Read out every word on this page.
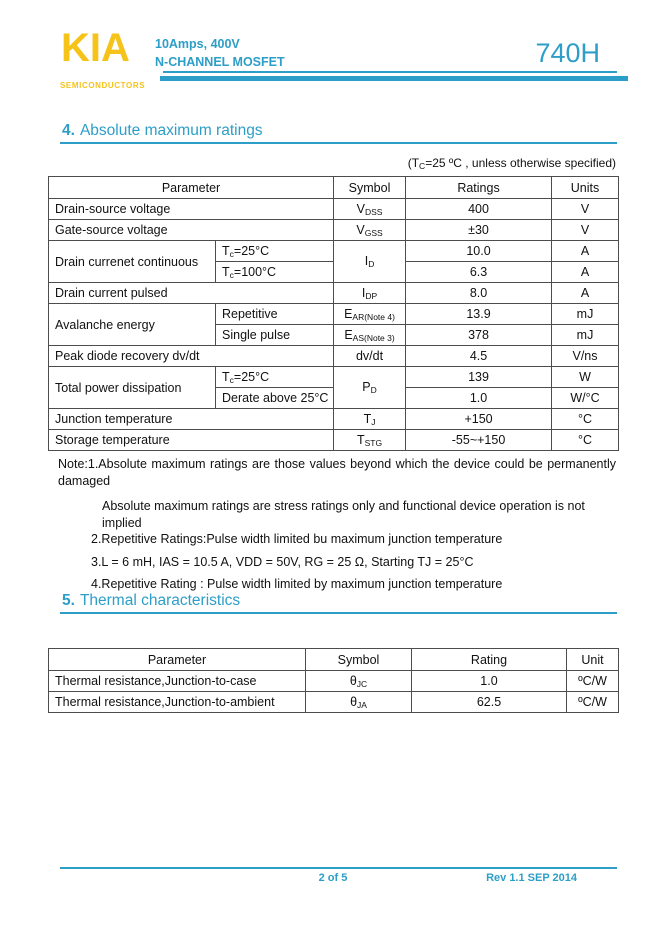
KIA
SEMICONDUCTORS
10Amps, 400V
N-CHANNEL MOSFET	740H
4. Absolute maximum ratings
(TC=25 ºC , unless otherwise specified)
Parameter		Symbol	Ratings	Units
Drain-source voltage		VDSS	400	V
Gate-source voltage		VGSS	±30	V
Drain currenet continuous	Tc=25°C	ID	10.0	A
	Tc=100°C		6.3	A
Drain current pulsed		IDP	8.0	A
Avalanche energy	Repetitive	EAR(Note 4)	13.9	mJ
	Single pulse	EAS(Note 3)	378	mJ
Peak diode recovery dv/dt		dv/dt	4.5	V/ns
Total power dissipation	Tc=25°C	PD	139	W
	Derate above 25°C		1.0	W/°C
Junction temperature		TJ	+150	°C
Storage temperature		TSTG	-55~+150	°C
Note:1.Absolute maximum ratings are those values beyond which the device could be permanently
damaged
Absolute maximum ratings are stress ratings only and functional device operation is not implied
2.Repetitive Ratings:Pulse width limited bu maximum junction temperature
3.L = 6 mH, IAS = 10.5 A, VDD = 50V, RG = 25 Ω, Starting TJ = 25°C
4.Repetitive Rating : Pulse width limited by maximum junction temperature
5. Thermal characteristics
Parameter	Symbol	Rating	Unit
Thermal resistance,Junction-to-case	θJC	1.0	ºC/W
Thermal resistance,Junction-to-ambient	θJA	62.5	ºC/W
2 of 5	Rev 1.1 SEP 2014
